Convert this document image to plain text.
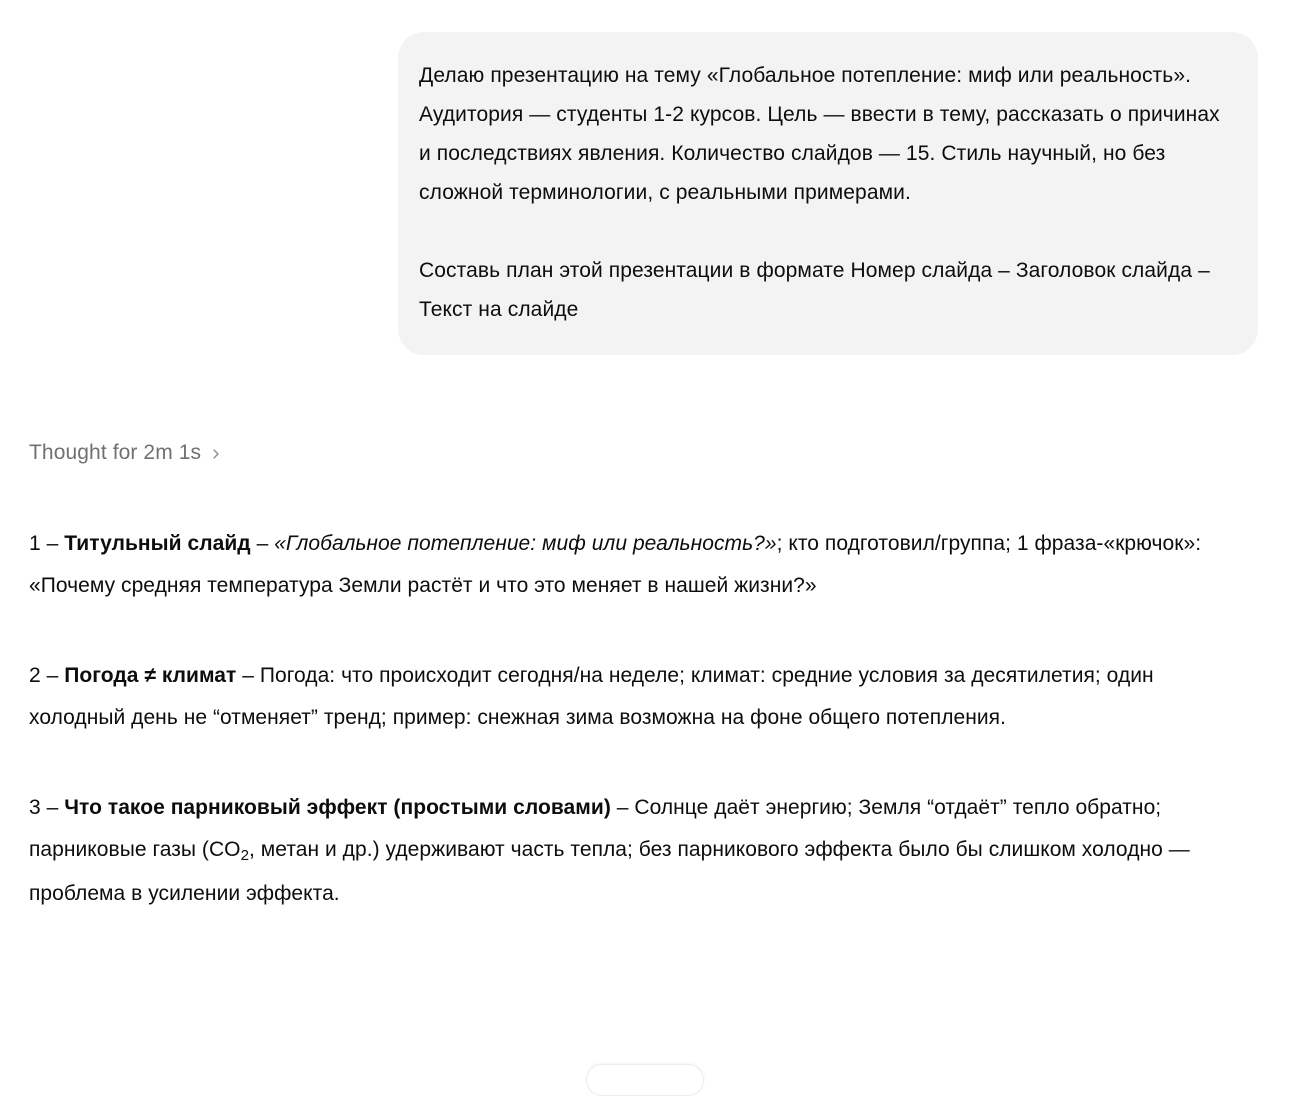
Делаю презентацию на тему «Глобальное потепление: миф или реальность». Аудитория — студенты 1-2 курсов. Цель — ввести в тему, рассказать о причинах и последствиях явления. Количество слайдов — 15. Стиль научный, но без сложной терминологии, с реальными примерами.

Составь план этой презентации в формате Номер слайда – Заголовок слайда – Текст на слайде

Thought for 2m 1s

1 – Титульный слайд – «Глобальное потепление: миф или реальность?»; кто подготовил/группа; 1 фраза-«крючок»: «Почему средняя температура Земли растёт и что это меняет в нашей жизни?»

2 – Погода ≠ климат – Погода: что происходит сегодня/на неделе; климат: средние условия за десятилетия; один холодный день не “отменяет” тренд; пример: снежная зима возможна на фоне общего потепления.

3 – Что такое парниковый эффект (простыми словами) – Солнце даёт энергию; Земля “отдаёт” тепло обратно; парниковые газы ($CO_2$, метан и др.) удерживают часть тепла; без парникового эффекта было бы слишком холодно — проблема в усилении эффекта.
